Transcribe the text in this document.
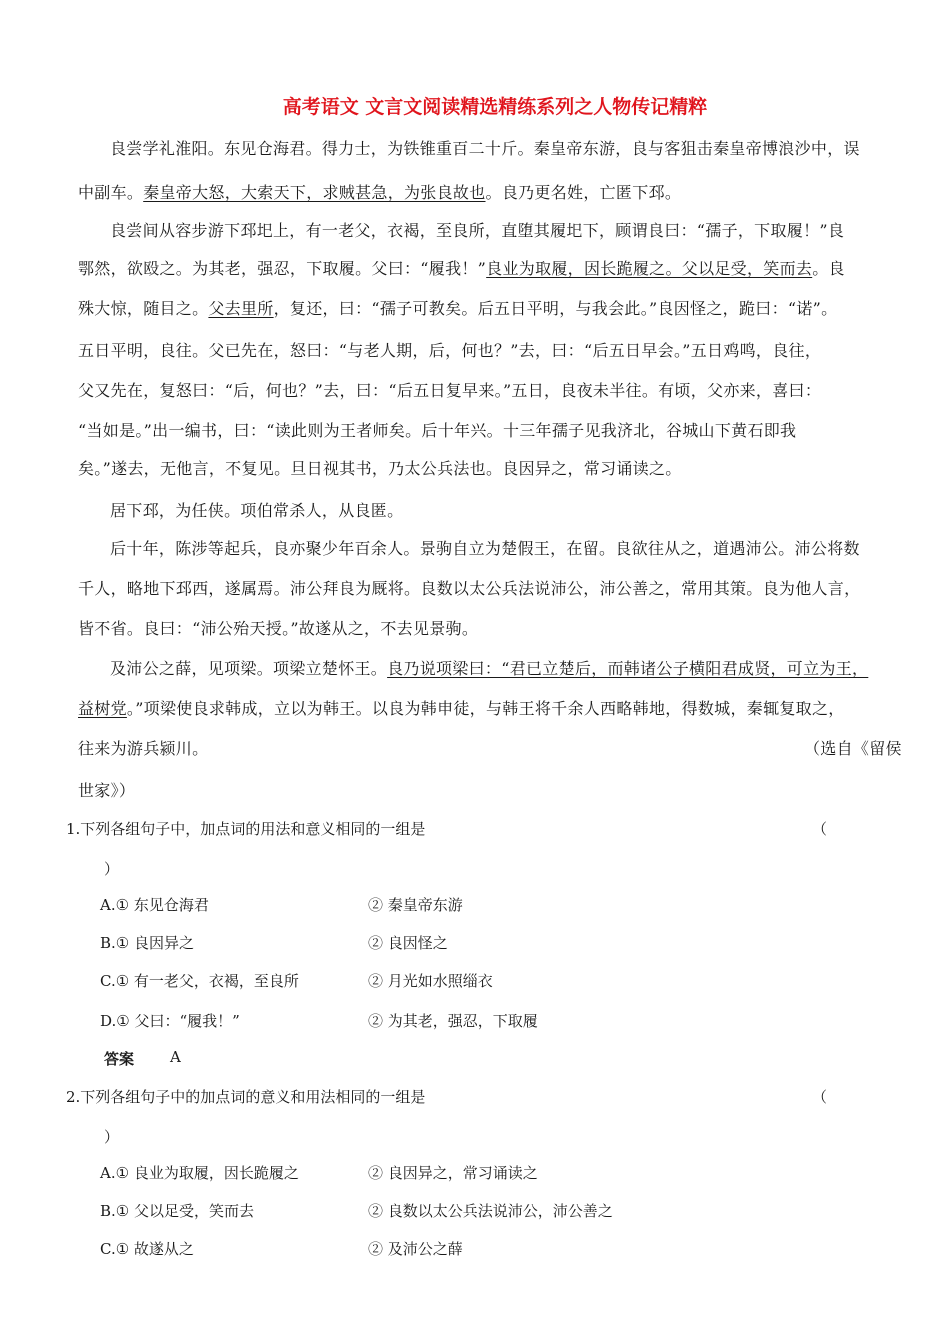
高考语文 文言文阅读精选精练系列之人物传记精粹
良尝学礼淮阳。东见仓海君。得力士，为铁锥重百二十斤。秦皇帝东游，良与客狙击秦皇帝博浪沙中，误
中副车。秦皇帝大怒，大索天下，求贼甚急，为张良故也。良乃更名姓，亡匿下邳。
良尝间从容步游下邳圯上，有一老父，衣褐，至良所，直堕其履圯下，顾谓良曰：“孺子，下取履！”良
鄂然，欲殴之。为其老，强忍，下取履。父曰：“履我！”良业为取履，因长跪履之。父以足受，笑而去。良
殊大惊，随目之。父去里所，复还，曰：“孺子可教矣。后五日平明，与我会此。”良因怪之，跪曰：“诺”。
五日平明，良往。父已先在，怒曰：“与老人期，后，何也？”去，曰：“后五日早会。”五日鸡鸣，良往，
父又先在，复怒曰：“后，何也？”去，曰：“后五日复早来。”五日，良夜未半往。有顷，父亦来，喜曰：
“当如是。”出一编书，曰：“读此则为王者师矣。后十年兴。十三年孺子见我济北，谷城山下黄石即我
矣。”遂去，无他言，不复见。旦日视其书，乃太公兵法也。良因异之，常习诵读之。
居下邳，为任侠。项伯常杀人，从良匿。
后十年，陈涉等起兵，良亦聚少年百余人。景驹自立为楚假王，在留。良欲往从之，道遇沛公。沛公将数
千人，略地下邳西，遂属焉。沛公拜良为厩将。良数以太公兵法说沛公，沛公善之，常用其策。良为他人言，
皆不省。良曰：“沛公殆天授。”故遂从之，不去见景驹。
及沛公之薛，见项梁。项梁立楚怀王。良乃说项梁曰：“君已立楚后，而韩诸公子横阳君成贤，可立为王，
益树党。”项梁使良求韩成，立以为韩王。以良为韩申徒，与韩王将千余人西略韩地，得数城，秦辄复取之，
往来为游兵颍川。	（选自《留侯
世家》）
1.下列各组句子中，加点词的用法和意义相同的一组是	（
）
A.① 东见仓海君	② 秦皇帝东游
B.① 良因异之	② 良因怪之
C.① 有一老父，衣褐，至良所	② 月光如水照缁衣
D.① 父曰：“履我！”	② 为其老，强忍，下取履
答案 A
2.下列各组句子中的加点词的意义和用法相同的一组是	（
）
A.① 良业为取履，因长跪履之	② 良因异之，常习诵读之
B.① 父以足受，笑而去	② 良数以太公兵法说沛公，沛公善之
C.① 故遂从之	② 及沛公之薛
